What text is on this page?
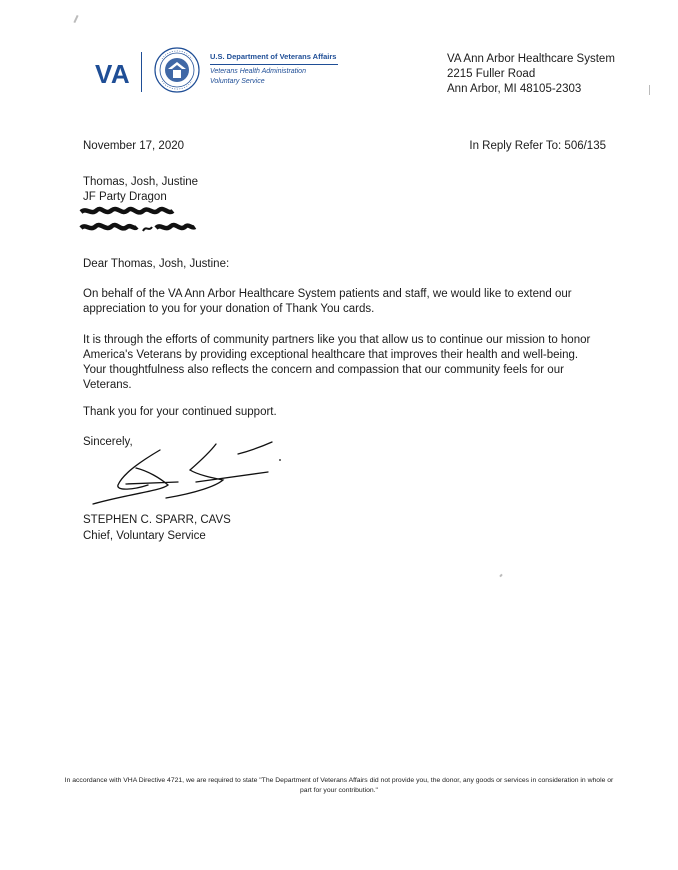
VA
U.S. Department of Veterans Affairs
Veterans Health Administration
Voluntary Service
VA Ann Arbor Healthcare System
2215 Fuller Road
Ann Arbor, MI 48105-2303
November 17, 2020	In Reply Refer To: 506/135
Thomas, Josh, Justine
JF Party Dragon
Dear Thomas, Josh, Justine:
On behalf of the VA Ann Arbor Healthcare System patients and staff, we would like to extend our appreciation to you for your donation of Thank You cards.
It is through the efforts of community partners like you that allow us to continue our mission to honor America's Veterans by providing exceptional healthcare that improves their health and well-being. Your thoughtfulness also reflects the concern and compassion that our community feels for our Veterans.
Thank you for your continued support.
Sincerely,
STEPHEN C. SPARR, CAVS
Chief, Voluntary Service
In accordance with VHA Directive 4721, we are required to state "The Department of Veterans Affairs did not provide you, the donor, any goods or services in consideration in whole or part for your contribution."
